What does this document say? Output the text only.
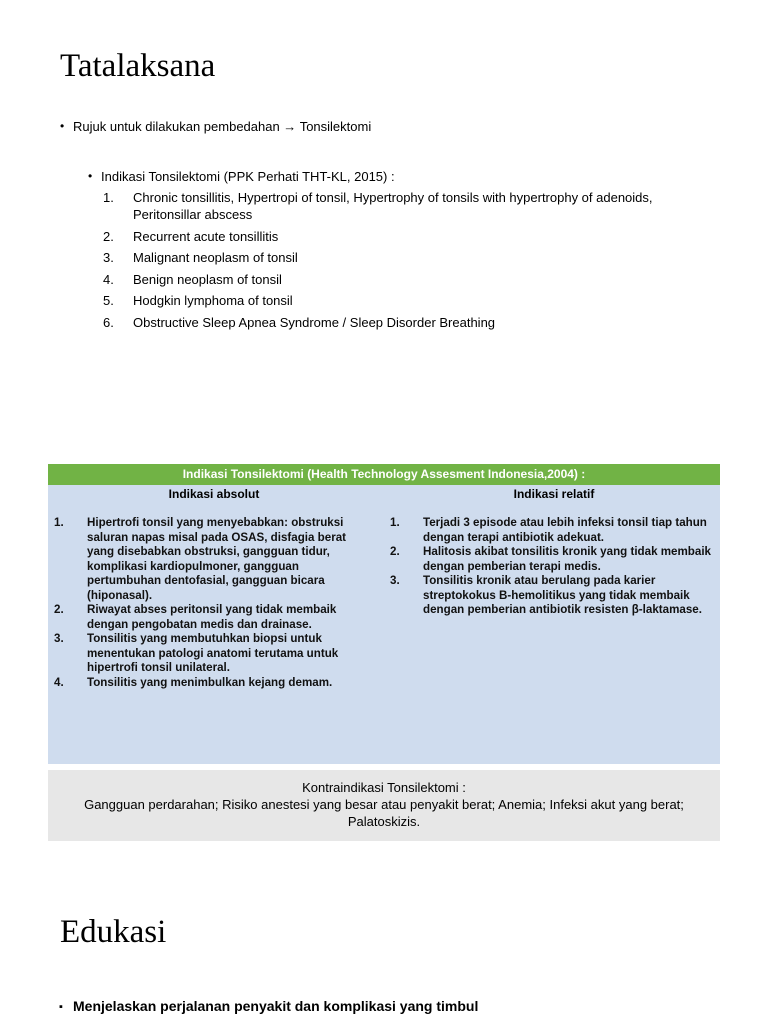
Tatalaksana
• Rujuk untuk dilakukan pembedahan → Tonsilektomi
• Indikasi Tonsilektomi (PPK Perhati THT-KL, 2015) :
1. Chronic tonsillitis, Hypertropi of tonsil, Hypertrophy of tonsils with hypertrophy of adenoids, Peritonsillar abscess
2. Recurrent acute tonsillitis
3. Malignant neoplasm of tonsil
4. Benign neoplasm of tonsil
5. Hodgkin lymphoma of tonsil
6. Obstructive Sleep Apnea Syndrome / Sleep Disorder Breathing
Indikasi Tonsilektomi (Health Technology Assesment Indonesia,2004) :
Indikasi absolut	Indikasi relatif
1. Hipertrofi tonsil yang menyebabkan: obstruksi saluran napas misal pada OSAS, disfagia berat yang disebabkan obstruksi, gangguan tidur, komplikasi kardiopulmoner, gangguan pertumbuhan dentofasial, gangguan bicara (hiponasal).
2. Riwayat abses peritonsil yang tidak membaik dengan pengobatan medis dan drainase.
3. Tonsilitis yang membutuhkan biopsi untuk menentukan patologi anatomi terutama untuk hipertrofi tonsil unilateral.
4. Tonsilitis yang menimbulkan kejang demam.
1. Terjadi 3 episode atau lebih infeksi tonsil tiap tahun dengan terapi antibiotik adekuat.
2. Halitosis akibat tonsilitis kronik yang tidak membaik dengan pemberian terapi medis.
3. Tonsilitis kronik atau berulang pada karier streptokokus B-hemolitikus yang tidak membaik dengan pemberian antibiotik resisten β-laktamase.
Kontraindikasi Tonsilektomi :
Gangguan perdarahan; Risiko anestesi yang besar atau penyakit berat; Anemia; Infeksi akut yang berat; Palatoskizis.
Edukasi
▪ Menjelaskan perjalanan penyakit dan komplikasi yang timbul
